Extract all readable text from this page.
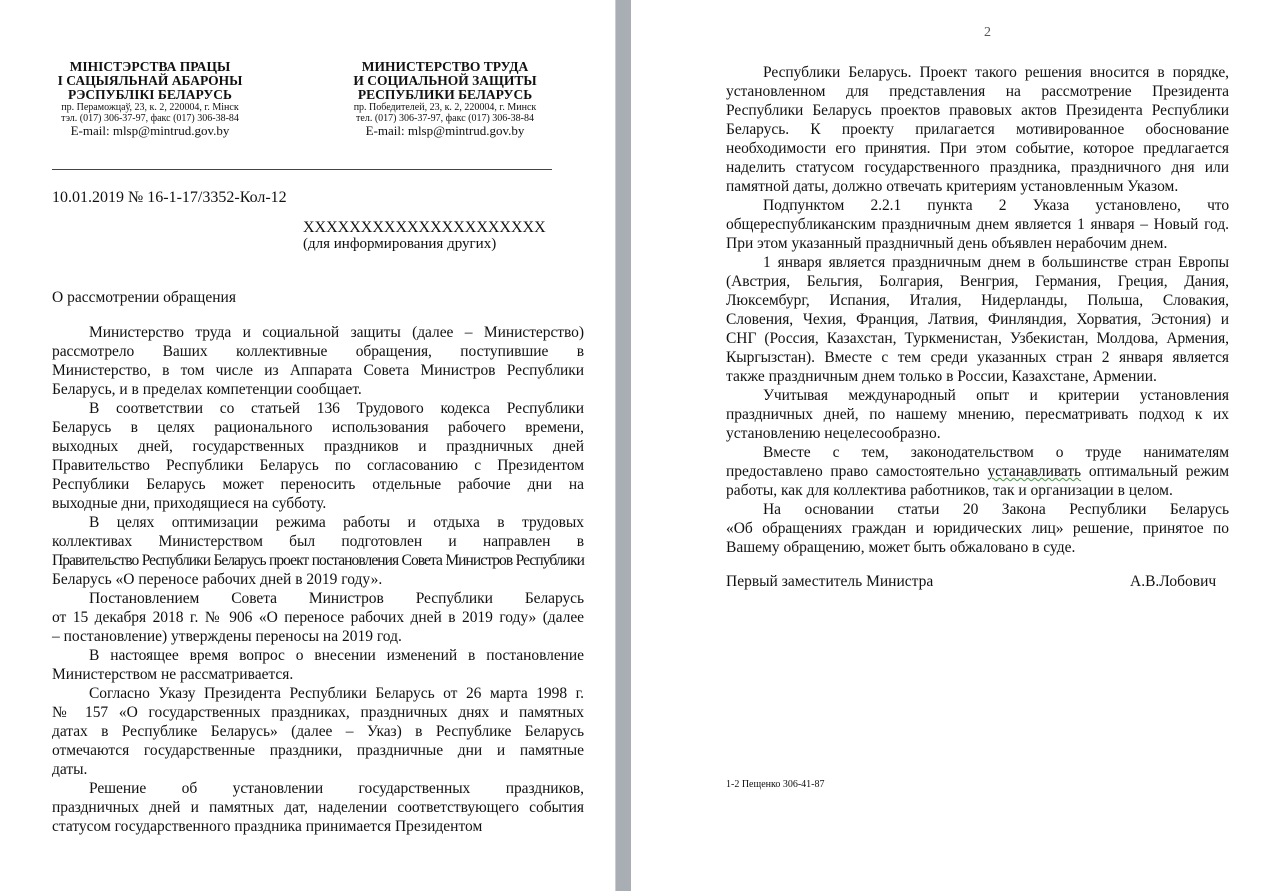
МІНІСТЭРСТВА ПРАЦЫ
І САЦЫЯЛЬНАЙ АБАРОНЫ
РЭСПУБЛІКІ БЕЛАРУСЬ
пр. Пераможцаў, 23, к. 2, 220004, г. Мінск
тэл. (017) 306-37-97, факс (017) 306-38-84
E-mail: mlsp@mintrud.gov.by
МИНИСТЕРСТВО ТРУДА
И СОЦИАЛЬНОЙ ЗАЩИТЫ
РЕСПУБЛИКИ БЕЛАРУСЬ
пр. Победителей, 23, к. 2, 220004, г. Минск
тел. (017) 306-37-97, факс (017) 306-38-84
E-mail: mlsp@mintrud.gov.by
10.01.2019 № 16-1-17/3352-Кол-12
XXXXXXXXXXXXXXXXXXXXX
(для информирования других)
О рассмотрении обращения
Министерство труда и социальной защиты (далее – Министерство)
рассмотрело Ваших коллективные обращения, поступившие в
Министерство, в том числе из Аппарата Совета Министров Республики
Беларусь, и в пределах компетенции сообщает.
В соответствии со статьей 136 Трудового кодекса Республики
Беларусь в целях рационального использования рабочего времени,
выходных дней, государственных праздников и праздничных дней
Правительство Республики Беларусь по согласованию с Президентом
Республики Беларусь может переносить отдельные рабочие дни на
выходные дни, приходящиеся на субботу.
В целях оптимизации режима работы и отдыха в трудовых
коллективах Министерством был подготовлен и направлен в
Правительство Республики Беларусь проект постановления Совета Министров Республики
Беларусь «О переносе рабочих дней в 2019 году».
Постановлением Совета Министров Республики Беларусь
от 15 декабря 2018 г. № 906 «О переносе рабочих дней в 2019 году» (далее
– постановление) утверждены переносы на 2019 год.
В настоящее время вопрос о внесении изменений в постановление
Министерством не рассматривается.
Согласно Указу Президента Республики Беларусь от 26 марта 1998 г.
№ 157 «О государственных праздниках, праздничных днях и памятных
датах в Республике Беларусь» (далее – Указ) в Республике Беларусь
отмечаются государственные праздники, праздничные дни и памятные
даты.
Решение об установлении государственных праздников,
праздничных дней и памятных дат, наделении соответствующего события
статусом государственного праздника принимается Президентом
2
Республики Беларусь. Проект такого решения вносится в порядке,
установленном для представления на рассмотрение Президента
Республики Беларусь проектов правовых актов Президента Республики
Беларусь. К проекту прилагается мотивированное обоснование
необходимости его принятия. При этом событие, которое предлагается
наделить статусом государственного праздника, праздничного дня или
памятной даты, должно отвечать критериям установленным Указом.
Подпунктом 2.2.1 пункта 2 Указа установлено, что
общереспубликанским праздничным днем является 1 января – Новый год.
При этом указанный праздничный день объявлен нерабочим днем.
1 января является праздничным днем в большинстве стран Европы
(Австрия, Бельгия, Болгария, Венгрия, Германия, Греция, Дания,
Люксембург, Испания, Италия, Нидерланды, Польша, Словакия,
Словения, Чехия, Франция, Латвия, Финляндия, Хорватия, Эстония) и
СНГ (Россия, Казахстан, Туркменистан, Узбекистан, Молдова, Армения,
Кыргызстан). Вместе с тем среди указанных стран 2 января является
также праздничным днем только в России, Казахстане, Армении.
Учитывая международный опыт и критерии установления
праздничных дней, по нашему мнению, пересматривать подход к их
установлению нецелесообразно.
Вместе с тем, законодательством о труде нанимателям
предоставлено право самостоятельно устанавливать оптимальный режим
работы, как для коллектива работников, так и организации в целом.
На основании статьи 20 Закона Республики Беларусь
«Об обращениях граждан и юридических лиц» решение, принятое по
Вашему обращению, может быть обжаловано в суде.
Первый заместитель Министра	А.В.Лобович
1-2 Пещенко 306-41-87
